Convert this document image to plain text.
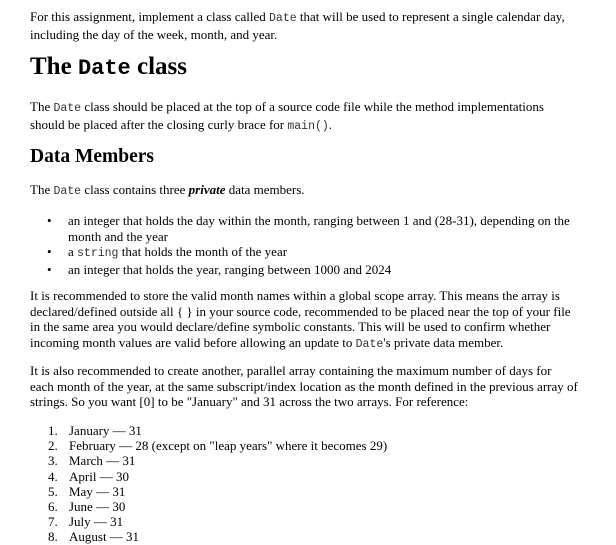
For this assignment, implement a class called Date that will be used to represent a single calendar day, including the day of the week, month, and year.

The Date class

The Date class should be placed at the top of a source code file while the method implementations should be placed after the closing curly brace for main().

Data Members

The Date class contains three private data members.

• an integer that holds the day within the month, ranging between 1 and (28-31), depending on the month and the year
• a string that holds the month of the year
• an integer that holds the year, ranging between 1000 and 2024

It is recommended to store the valid month names within a global scope array. This means the array is declared/defined outside all { } in your source code, recommended to be placed near the top of your file in the same area you would declare/define symbolic constants. This will be used to confirm whether incoming month values are valid before allowing an update to Date's private data member.

It is also recommended to create another, parallel array containing the maximum number of days for each month of the year, at the same subscript/index location as the month defined in the previous array of strings. So you want [0] to be "January" and 31 across the two arrays. For reference:

1. January — 31
2. February — 28 (except on "leap years" where it becomes 29)
3. March — 31
4. April — 30
5. May — 31
6. June — 30
7. July — 31
8. August — 31
